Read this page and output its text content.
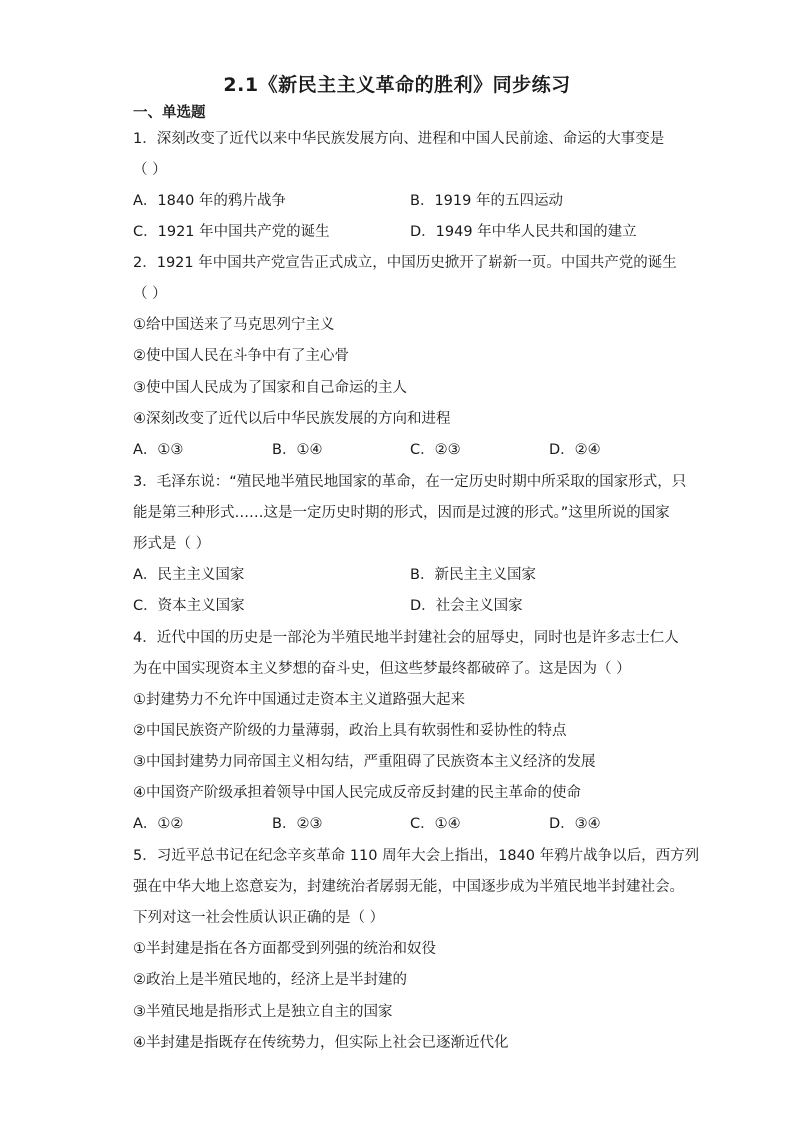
2.1《新民主主义革命的胜利》同步练习
一、单选题
1．深刻改变了近代以来中华民族发展方向、进程和中国人民前途、命运的大事变是
（ ）
A．1840 年的鸦片战争	B．1919 年的五四运动
C．1921 年中国共产党的诞生	D．1949 年中华人民共和国的建立
2．1921 年中国共产党宣告正式成立，中国历史掀开了崭新一页。中国共产党的诞生
（ ）
①给中国送来了马克思列宁主义
②使中国人民在斗争中有了主心骨
③使中国人民成为了国家和自己命运的主人
④深刻改变了近代以后中华民族发展的方向和进程
A．①③	B．①④	C．②③	D．②④
3．毛泽东说：“殖民地半殖民地国家的革命，在一定历史时期中所采取的国家形式，只
能是第三种形式……这是一定历史时期的形式，因而是过渡的形式。”这里所说的国家
形式是（ ）
A．民主主义国家	B．新民主主义国家
C．资本主义国家	D．社会主义国家
4．近代中国的历史是一部沦为半殖民地半封建社会的屈辱史，同时也是许多志士仁人
为在中国实现资本主义梦想的奋斗史，但这些梦最终都破碎了。这是因为（ ）
①封建势力不允许中国通过走资本主义道路强大起来
②中国民族资产阶级的力量薄弱，政治上具有软弱性和妥协性的特点
③中国封建势力同帝国主义相勾结，严重阻碍了民族资本主义经济的发展
④中国资产阶级承担着领导中国人民完成反帝反封建的民主革命的使命
A．①②	B．②③	C．①④	D．③④
5．习近平总书记在纪念辛亥革命 110 周年大会上指出，1840 年鸦片战争以后，西方列
强在中华大地上恣意妄为，封建统治者孱弱无能，中国逐步成为半殖民地半封建社会。
下列对这一社会性质认识正确的是（ ）
①半封建是指在各方面都受到列强的统治和奴役
②政治上是半殖民地的，经济上是半封建的
③半殖民地是指形式上是独立自主的国家
④半封建是指既存在传统势力，但实际上社会已逐渐近代化
